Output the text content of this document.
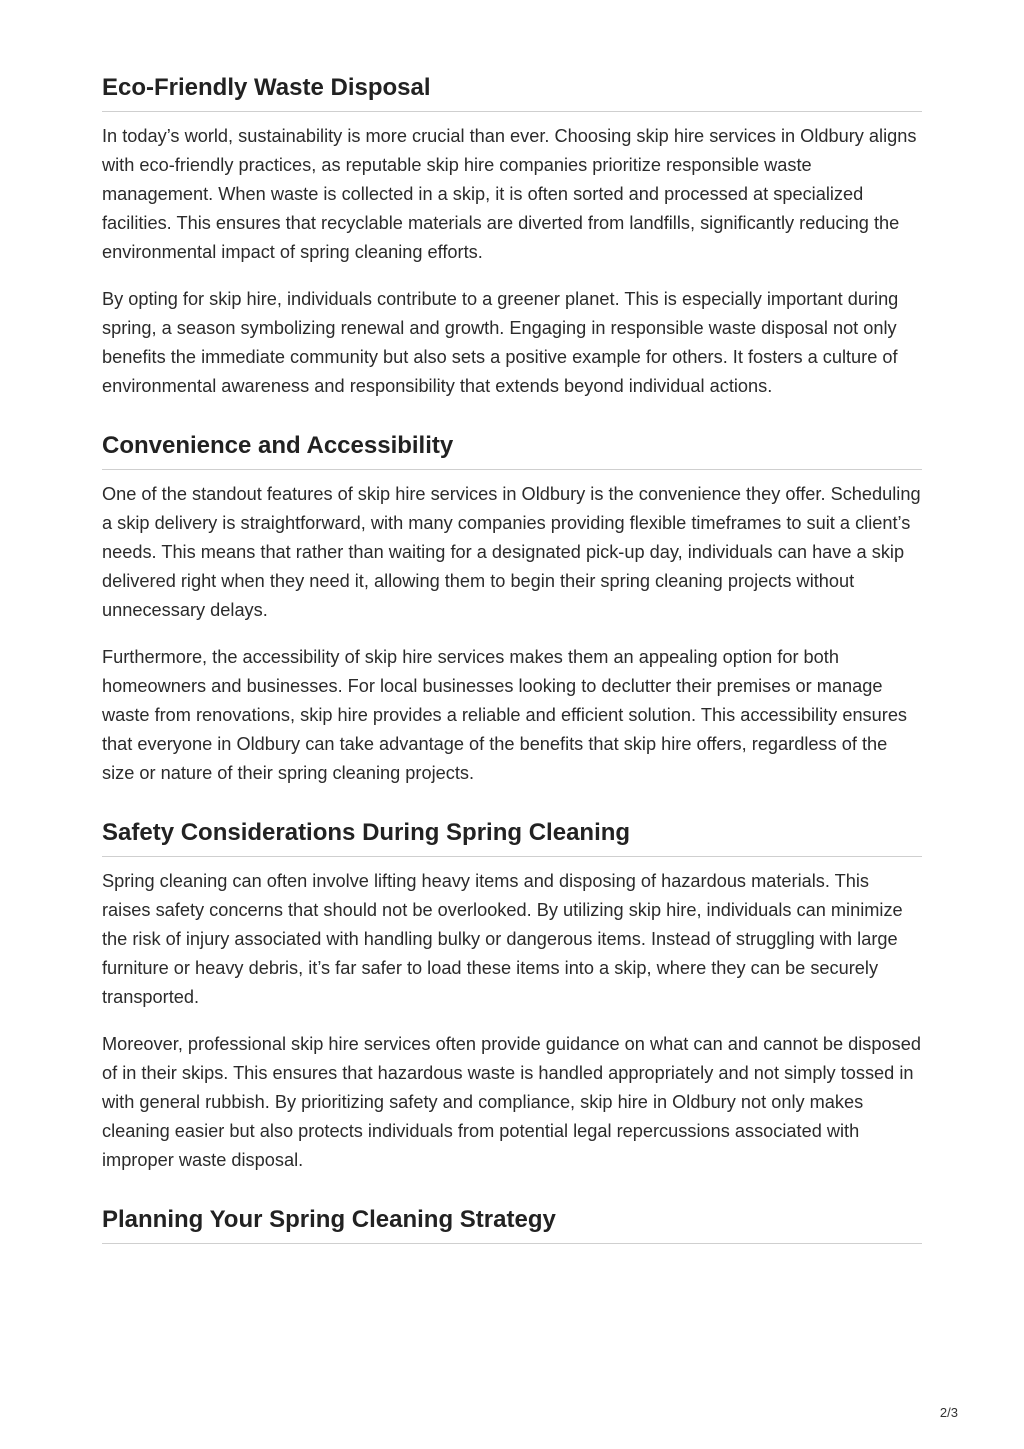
Eco-Friendly Waste Disposal

In today’s world, sustainability is more crucial than ever. Choosing skip hire services in Oldbury aligns with eco-friendly practices, as reputable skip hire companies prioritize responsible waste management. When waste is collected in a skip, it is often sorted and processed at specialized facilities. This ensures that recyclable materials are diverted from landfills, significantly reducing the environmental impact of spring cleaning efforts.

By opting for skip hire, individuals contribute to a greener planet. This is especially important during spring, a season symbolizing renewal and growth. Engaging in responsible waste disposal not only benefits the immediate community but also sets a positive example for others. It fosters a culture of environmental awareness and responsibility that extends beyond individual actions.

Convenience and Accessibility

One of the standout features of skip hire services in Oldbury is the convenience they offer. Scheduling a skip delivery is straightforward, with many companies providing flexible timeframes to suit a client’s needs. This means that rather than waiting for a designated pick-up day, individuals can have a skip delivered right when they need it, allowing them to begin their spring cleaning projects without unnecessary delays.

Furthermore, the accessibility of skip hire services makes them an appealing option for both homeowners and businesses. For local businesses looking to declutter their premises or manage waste from renovations, skip hire provides a reliable and efficient solution. This accessibility ensures that everyone in Oldbury can take advantage of the benefits that skip hire offers, regardless of the size or nature of their spring cleaning projects.

Safety Considerations During Spring Cleaning

Spring cleaning can often involve lifting heavy items and disposing of hazardous materials. This raises safety concerns that should not be overlooked. By utilizing skip hire, individuals can minimize the risk of injury associated with handling bulky or dangerous items. Instead of struggling with large furniture or heavy debris, it’s far safer to load these items into a skip, where they can be securely transported.

Moreover, professional skip hire services often provide guidance on what can and cannot be disposed of in their skips. This ensures that hazardous waste is handled appropriately and not simply tossed in with general rubbish. By prioritizing safety and compliance, skip hire in Oldbury not only makes cleaning easier but also protects individuals from potential legal repercussions associated with improper waste disposal.

Planning Your Spring Cleaning Strategy
2/3
